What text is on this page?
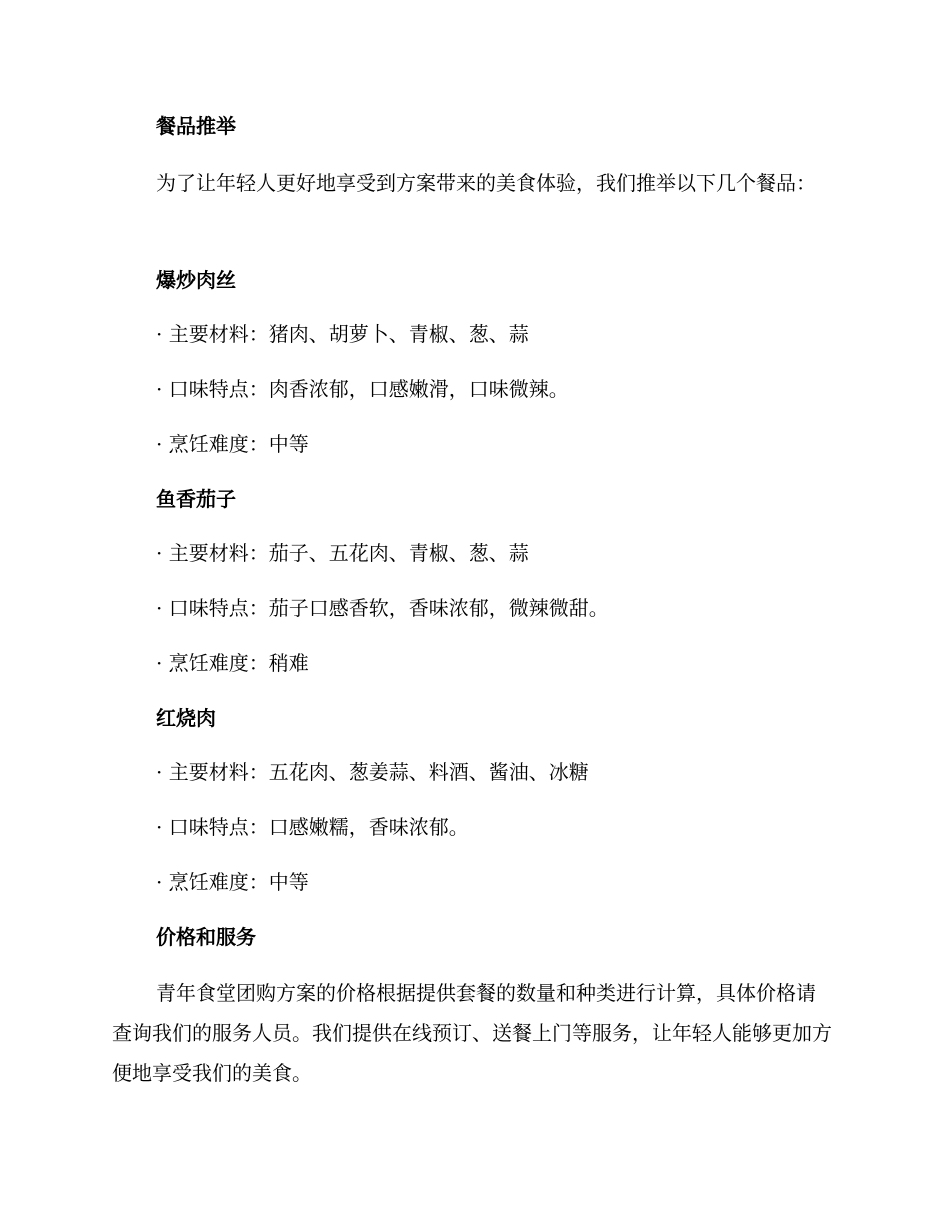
餐品推举
为了让年轻人更好地享受到方案带来的美食体验，我们推举以下几个餐品：
爆炒肉丝
· 主要材料：猪肉、胡萝卜、青椒、葱、蒜
· 口味特点：肉香浓郁，口感嫩滑，口味微辣。
· 烹饪难度：中等
鱼香茄子
· 主要材料：茄子、五花肉、青椒、葱、蒜
· 口味特点：茄子口感香软，香味浓郁，微辣微甜。
· 烹饪难度：稍难
红烧肉
· 主要材料：五花肉、葱姜蒜、料酒、酱油、冰糖
· 口味特点：口感嫩糯，香味浓郁。
· 烹饪难度：中等
价格和服务
青年食堂团购方案的价格根据提供套餐的数量和种类进行计算，具体价格请查询我们的服务人员。我们提供在线预订、送餐上门等服务，让年轻人能够更加方便地享受我们的美食。
